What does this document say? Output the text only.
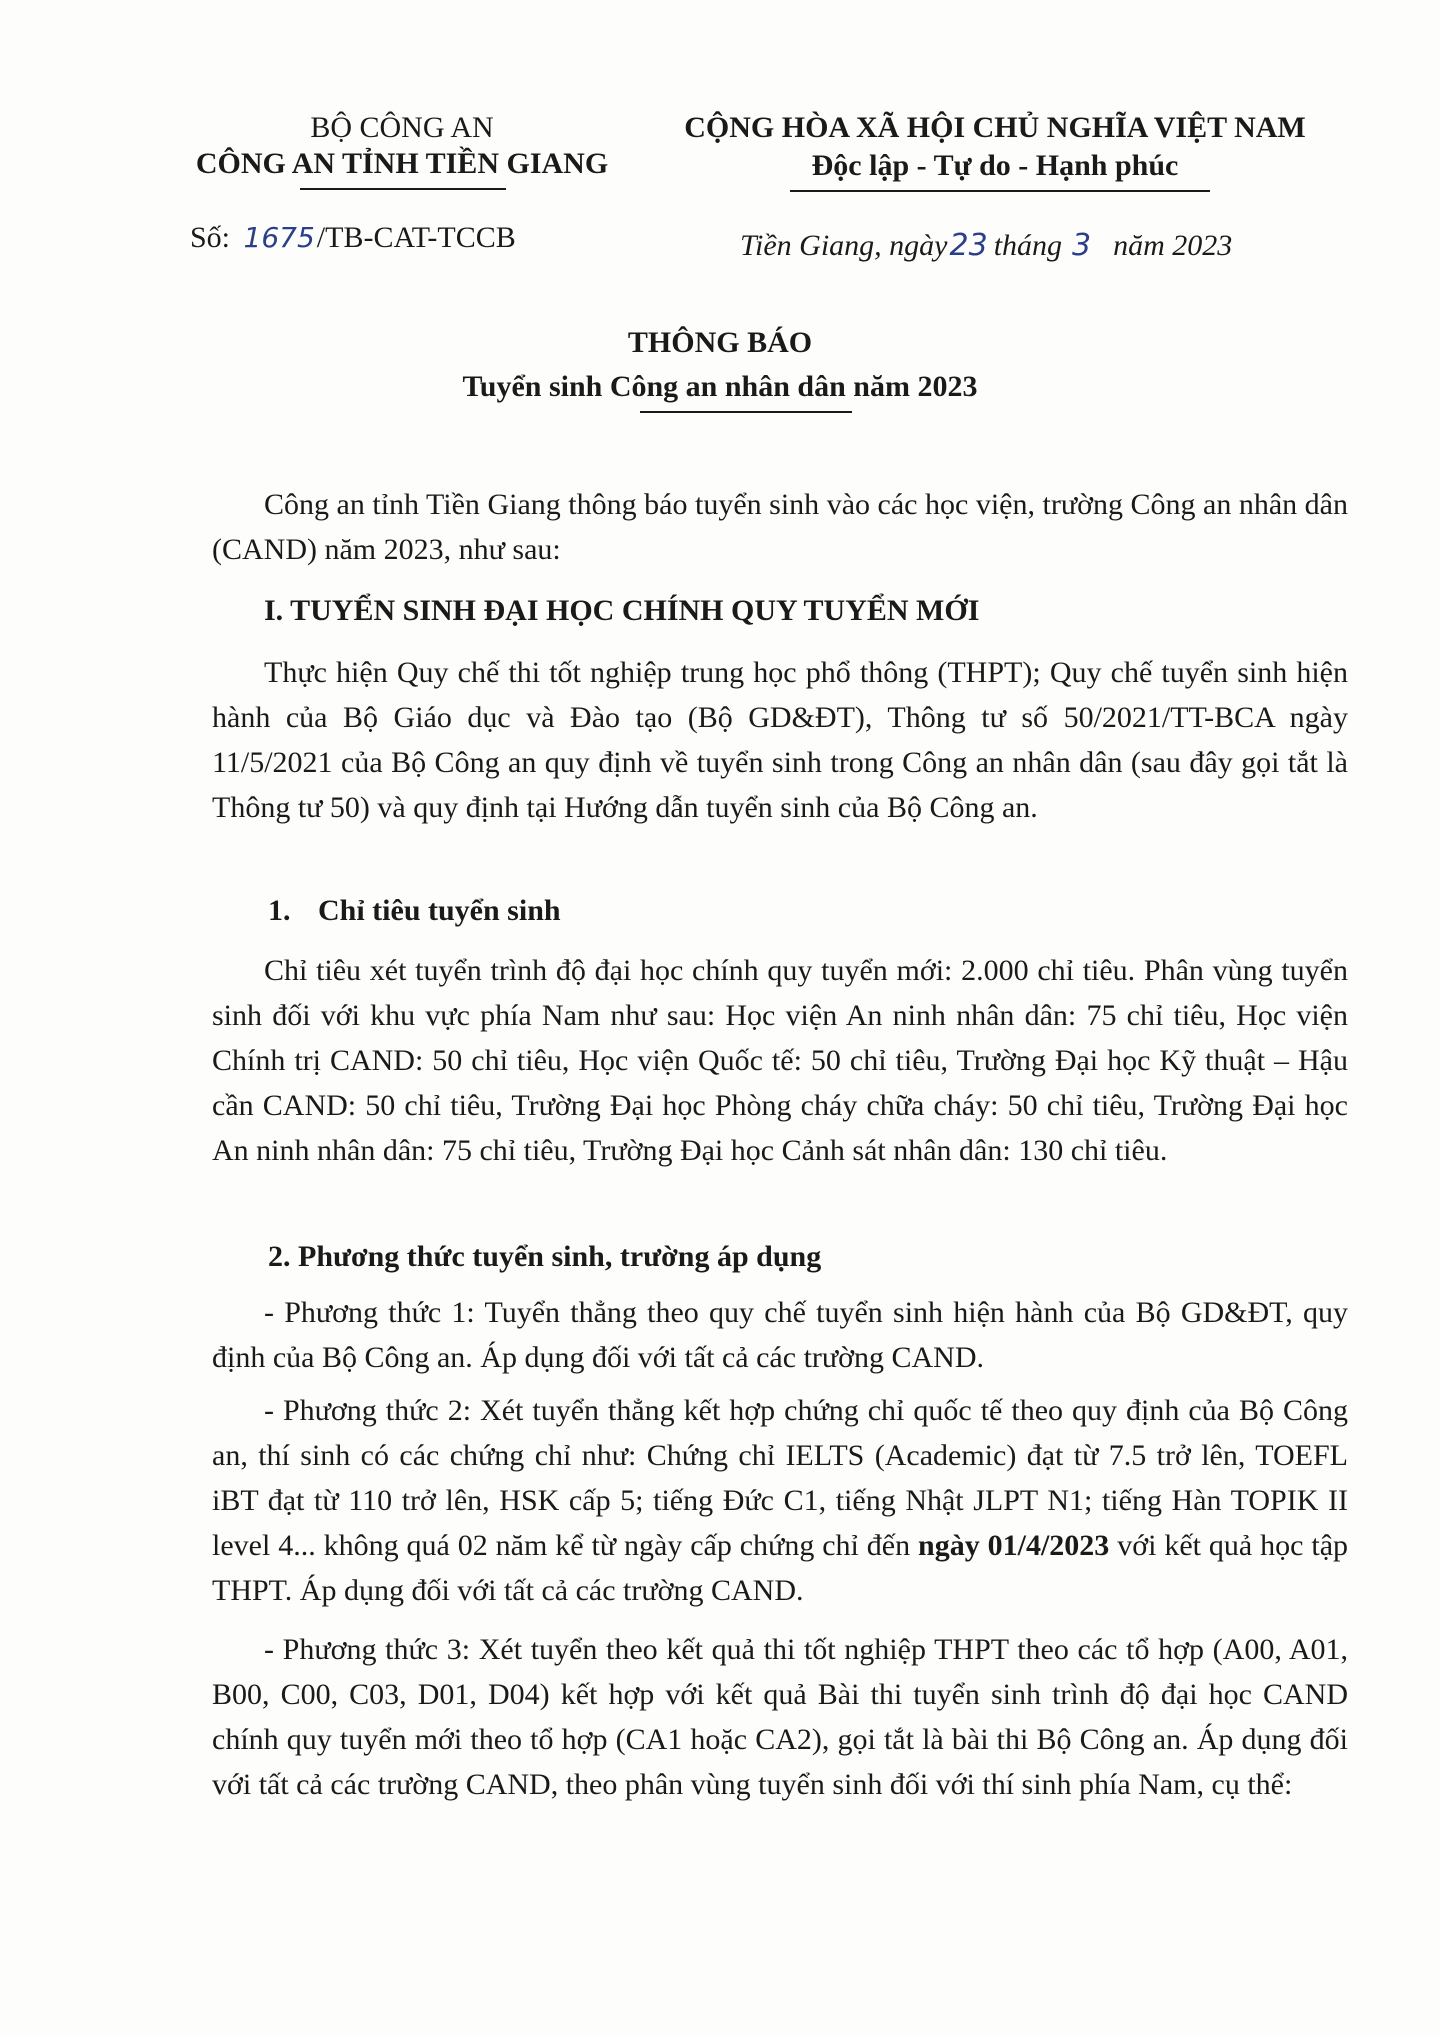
BỘ CÔNG AN
CÔNG AN TỈNH TIỀN GIANG
Số: 1675/TB-CAT-TCCB
CỘNG HÒA XÃ HỘI CHỦ NGHĨA VIỆT NAM
Độc lập - Tự do - Hạnh phúc
Tiền Giang, ngày23 tháng 3 năm 2023
THÔNG BÁO
Tuyển sinh Công an nhân dân năm 2023

Công an tỉnh Tiền Giang thông báo tuyển sinh vào các học viện, trường Công an nhân dân (CAND) năm 2023, như sau:

I. TUYỂN SINH ĐẠI HỌC CHÍNH QUY TUYỂN MỚI

Thực hiện Quy chế thi tốt nghiệp trung học phổ thông (THPT); Quy chế tuyển sinh hiện hành của Bộ Giáo dục và Đào tạo (Bộ GD&ĐT), Thông tư số 50/2021/TT-BCA ngày 11/5/2021 của Bộ Công an quy định về tuyển sinh trong Công an nhân dân (sau đây gọi tắt là Thông tư 50) và quy định tại Hướng dẫn tuyển sinh của Bộ Công an.

1. Chỉ tiêu tuyển sinh

Chỉ tiêu xét tuyển trình độ đại học chính quy tuyển mới: 2.000 chỉ tiêu. Phân vùng tuyển sinh đối với khu vực phía Nam như sau: Học viện An ninh nhân dân: 75 chỉ tiêu, Học viện Chính trị CAND: 50 chỉ tiêu, Học viện Quốc tế: 50 chỉ tiêu, Trường Đại học Kỹ thuật – Hậu cần CAND: 50 chỉ tiêu, Trường Đại học Phòng cháy chữa cháy: 50 chỉ tiêu, Trường Đại học An ninh nhân dân: 75 chỉ tiêu, Trường Đại học Cảnh sát nhân dân: 130 chỉ tiêu.

2. Phương thức tuyển sinh, trường áp dụng

- Phương thức 1: Tuyển thẳng theo quy chế tuyển sinh hiện hành của Bộ GD&ĐT, quy định của Bộ Công an. Áp dụng đối với tất cả các trường CAND.

- Phương thức 2: Xét tuyển thẳng kết hợp chứng chỉ quốc tế theo quy định của Bộ Công an, thí sinh có các chứng chỉ như: Chứng chỉ IELTS (Academic) đạt từ 7.5 trở lên, TOEFL iBT đạt từ 110 trở lên, HSK cấp 5; tiếng Đức C1, tiếng Nhật JLPT N1; tiếng Hàn TOPIK II level 4... không quá 02 năm kể từ ngày cấp chứng chỉ đến ngày 01/4/2023 với kết quả học tập THPT. Áp dụng đối với tất cả các trường CAND.

- Phương thức 3: Xét tuyển theo kết quả thi tốt nghiệp THPT theo các tổ hợp (A00, A01, B00, C00, C03, D01, D04) kết hợp với kết quả Bài thi tuyển sinh trình độ đại học CAND chính quy tuyển mới theo tổ hợp (CA1 hoặc CA2), gọi tắt là bài thi Bộ Công an. Áp dụng đối với tất cả các trường CAND, theo phân vùng tuyển sinh đối với thí sinh phía Nam, cụ thể:
